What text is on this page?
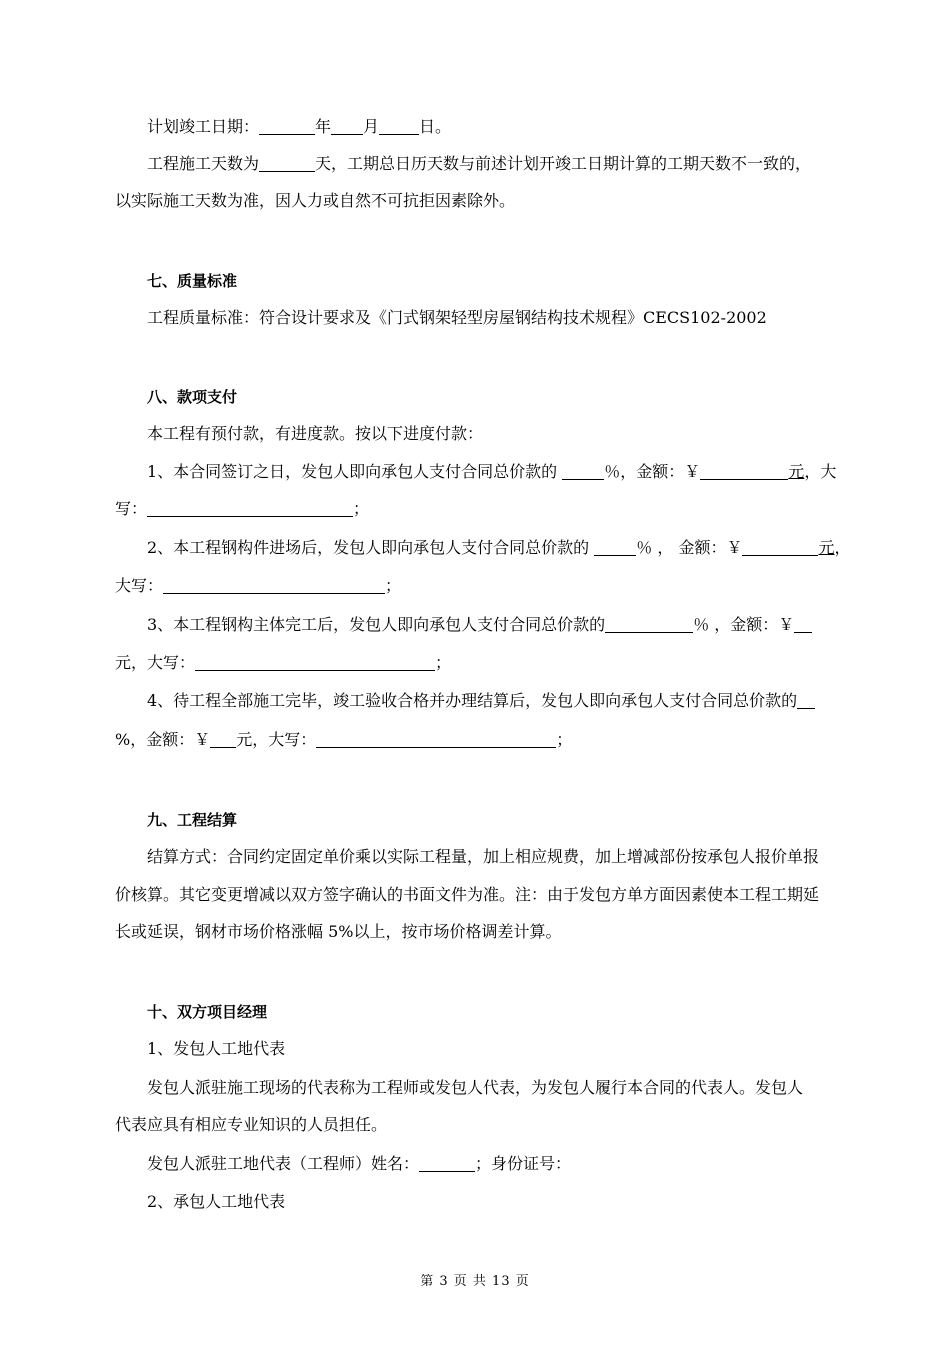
计划竣工日期：	年 月	日。
工程施工天数为	天，工期总日历天数与前述计划开竣工日期计算的工期天数不一致的，
以实际施工天数为准，因人力或自然不可抗拒因素除外。
七、质量标准
工程质量标准：符合设计要求及《门式钢架轻型房屋钢结构技术规程》CECS102-2002
八、款项支付
本工程有预付款，有进度款。按以下进度付款：
1、本合同签订之日，发包人即向承包人支付合同总价款的	％，金额：￥	元，大
写：	；
2、本工程钢构件进场后，发包人即向承包人支付合同总价款的	％ ， 金额：￥	元，
大写：	；
3、本工程钢构主体完工后，发包人即向承包人支付合同总价款的	％ ，金额：￥
元，大写：	；
4、待工程全部施工完毕，竣工验收合格并办理结算后，发包人即向承包人支付合同总价款的
%，金额：￥ 元，大写：	；
九、工程结算
结算方式：合同约定固定单价乘以实际工程量，加上相应规费，加上增减部份按承包人报价单报
价核算。其它变更增减以双方签字确认的书面文件为准。注：由于发包方单方面因素使本工程工期延
长或延误，钢材市场价格涨幅 5%以上，按市场价格调差计算。
十、双方项目经理
1、发包人工地代表
发包人派驻施工现场的代表称为工程师或发包人代表，为发包人履行本合同的代表人。发包人
代表应具有相应专业知识的人员担任。
发包人派驻工地代表（工程师）姓名：	；身份证号：
2、承包人工地代表
第 3 页 共 13 页
